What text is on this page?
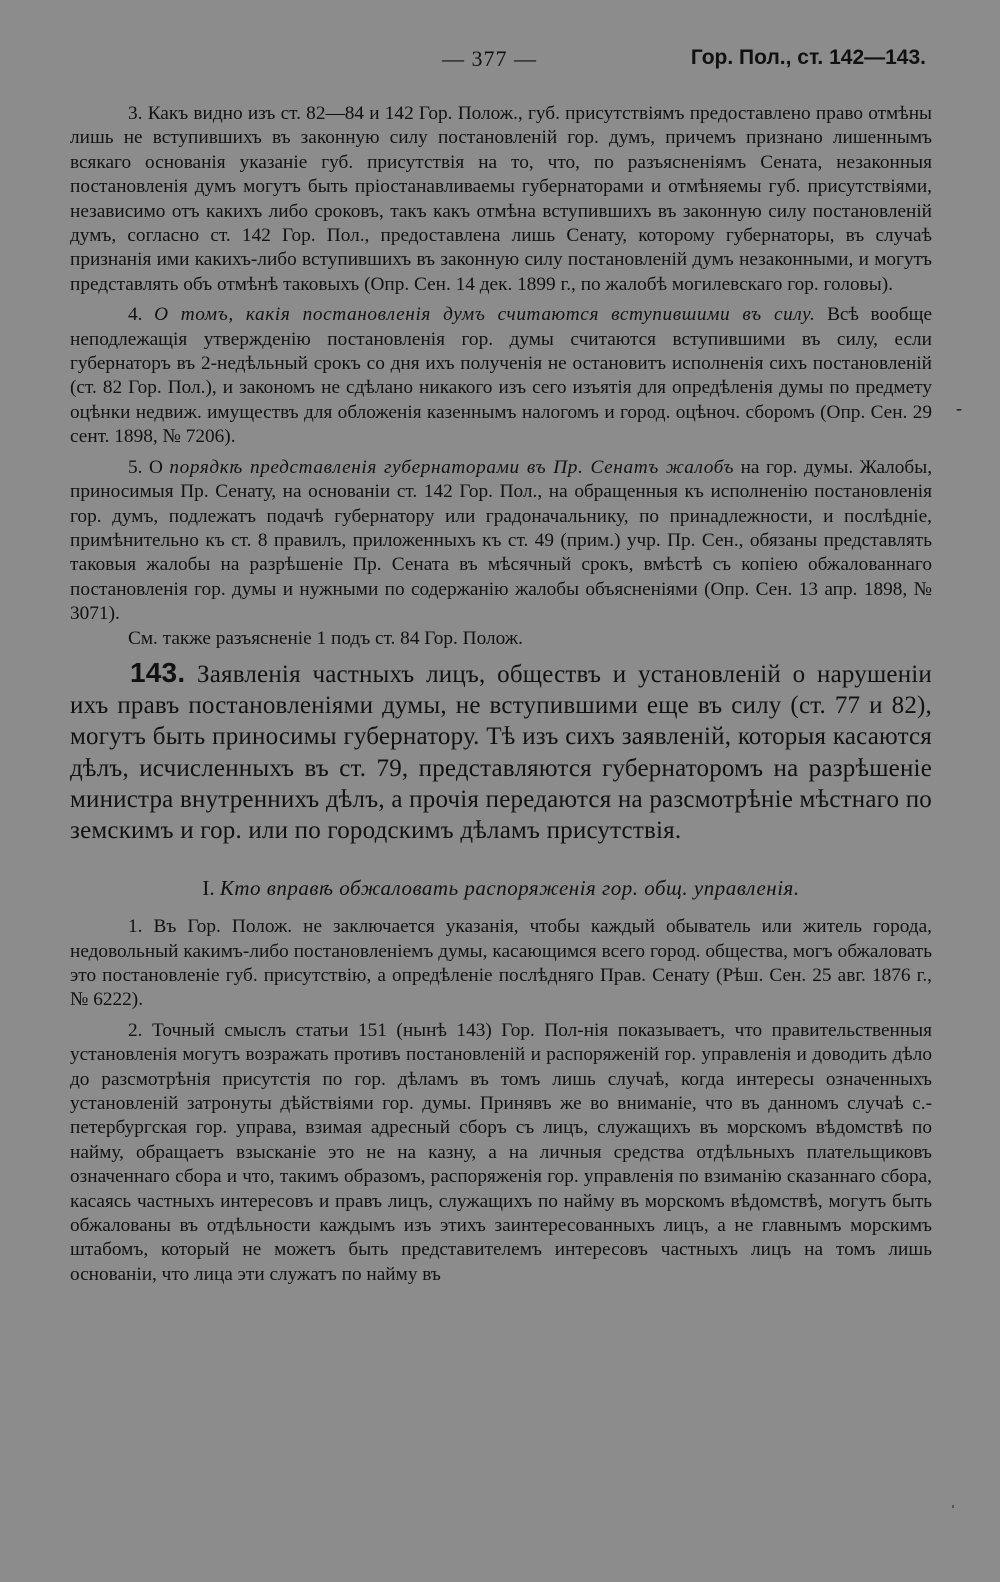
— 377 —	Гор. Пол., ст. 142—143.

3. Какъ видно изъ ст. 82—84 и 142 Гор. Полож., губ. присутствіямъ предоставлено право отмѣны лишь не вступившихъ въ законную силу постановленій гор. думъ, причемъ признано лишеннымъ всякаго основанія указаніе губ. присутствія на то, что, по разъясненіямъ Сената, незаконныя постановленія думъ могутъ быть пріостанавливаемы губернаторами и отмѣняемы губ. присутствіями, независимо отъ какихъ либо сроковъ, такъ какъ отмѣна вступившихъ въ законную силу постановленій думъ, согласно ст. 142 Гор. Пол., предоставлена лишь Сенату, которому губернаторы, въ случаѣ признанія ими какихъ-либо вступившихъ въ законную силу постановленій думъ незаконными, и могутъ представлять объ отмѣнѣ таковыхъ (Опр. Сен. 14 дек. 1899 г., по жалобѣ могилевскаго гор. головы).

4. О томъ, какія постановленія думъ считаются вступившими въ силу. Всѣ вообще неподлежащія утвержденію постановленія гор. думы считаются вступившими въ силу, если губернаторъ въ 2-недѣльный срокъ со дня ихъ полученія не остановитъ исполненія сихъ постановленій (ст. 82 Гор. Пол.), и закономъ не сдѣлано никакого изъ сего изъятія для опредѣленія думы по предмету оцѣнки недвиж. имуществъ для обложенія казеннымъ налогомъ и город. оцѣноч. сборомъ (Опр. Сен. 29 сент. 1898, № 7206).

5. О порядкѣ представленія губернаторами въ Пр. Сенатъ жалобъ на гор. думы. Жалобы, приносимыя Пр. Сенату, на основаніи ст. 142 Гор. Пол., на обращенныя къ исполненію постановленія гор. думъ, подлежатъ подачѣ губернатору или градоначальнику, по принадлежности, и послѣдніе, примѣнительно къ ст. 8 правилъ, приложенныхъ къ ст. 49 (прим.) учр. Пр. Сен., обязаны представлять таковыя жалобы на разрѣшеніе Пр. Сената въ мѣсячный срокъ, вмѣстѣ съ копіею обжалованнаго постановленія гор. думы и нужными по содержанію жалобы объясненіями (Опр. Сен. 13 апр. 1898, № 3071).

См. также разъясненіе 1 подъ ст. 84 Гор. Полож.

143. Заявленія частныхъ лицъ, обществъ и установленій о нарушеніи ихъ правъ постановленіями думы, не вступившими еще въ силу (ст. 77 и 82), могутъ быть приносимы губернатору. Тѣ изъ сихъ заявленій, которыя касаются дѣлъ, исчисленныхъ въ ст. 79, представляются губернаторомъ на разрѣшеніе министра внутреннихъ дѣлъ, а прочія передаются на разсмотрѣніе мѣстнаго по земскимъ и гор. или по городскимъ дѣламъ присутствія.

I. Кто вправѣ обжаловать распоряженія гор. общ. управленія.

1. Въ Гор. Полож. не заключается указанія, чтобы каждый обыватель или житель города, недовольный какимъ-либо постановленіемъ думы, касающимся всего город. общества, могъ обжаловать это постановленіе губ. присутствію, а опредѣленіе послѣдняго Прав. Сенату (Рѣш. Сен. 25 авг. 1876 г., № 6222).

2. Точный смыслъ статьи 151 (нынѣ 143) Гор. Пол-нія показываетъ, что правительственныя установленія могутъ возражать противъ постановленій и распоряженій гор. управленія и доводить дѣло до разсмотрѣнія присутстія по гор. дѣламъ въ томъ лишь случаѣ, когда интересы означенныхъ установленій затронуты дѣйствіями гор. думы. Принявъ же во вниманіе, что въ данномъ случаѣ с.-петербургская гор. управа, взимая адресный сборъ съ лицъ, служащихъ въ морскомъ вѣдомствѣ по найму, обращаетъ взысканіе это не на казну, а на личныя средства отдѣльныхъ плательщиковъ означеннаго сбора и что, такимъ образомъ, распоряженія гор. управленія по взиманію сказаннаго сбора, касаясь частныхъ интересовъ и правъ лицъ, служащихъ по найму въ морскомъ вѣдомствѣ, могутъ быть обжалованы въ отдѣльности каждымъ изъ этихъ заинтересованныхъ лицъ, а не главнымъ морскимъ штабомъ, который не можетъ быть представителемъ интересовъ частныхъ лицъ на томъ лишь основаніи, что лица эти служатъ по найму въ

-
ˌ
